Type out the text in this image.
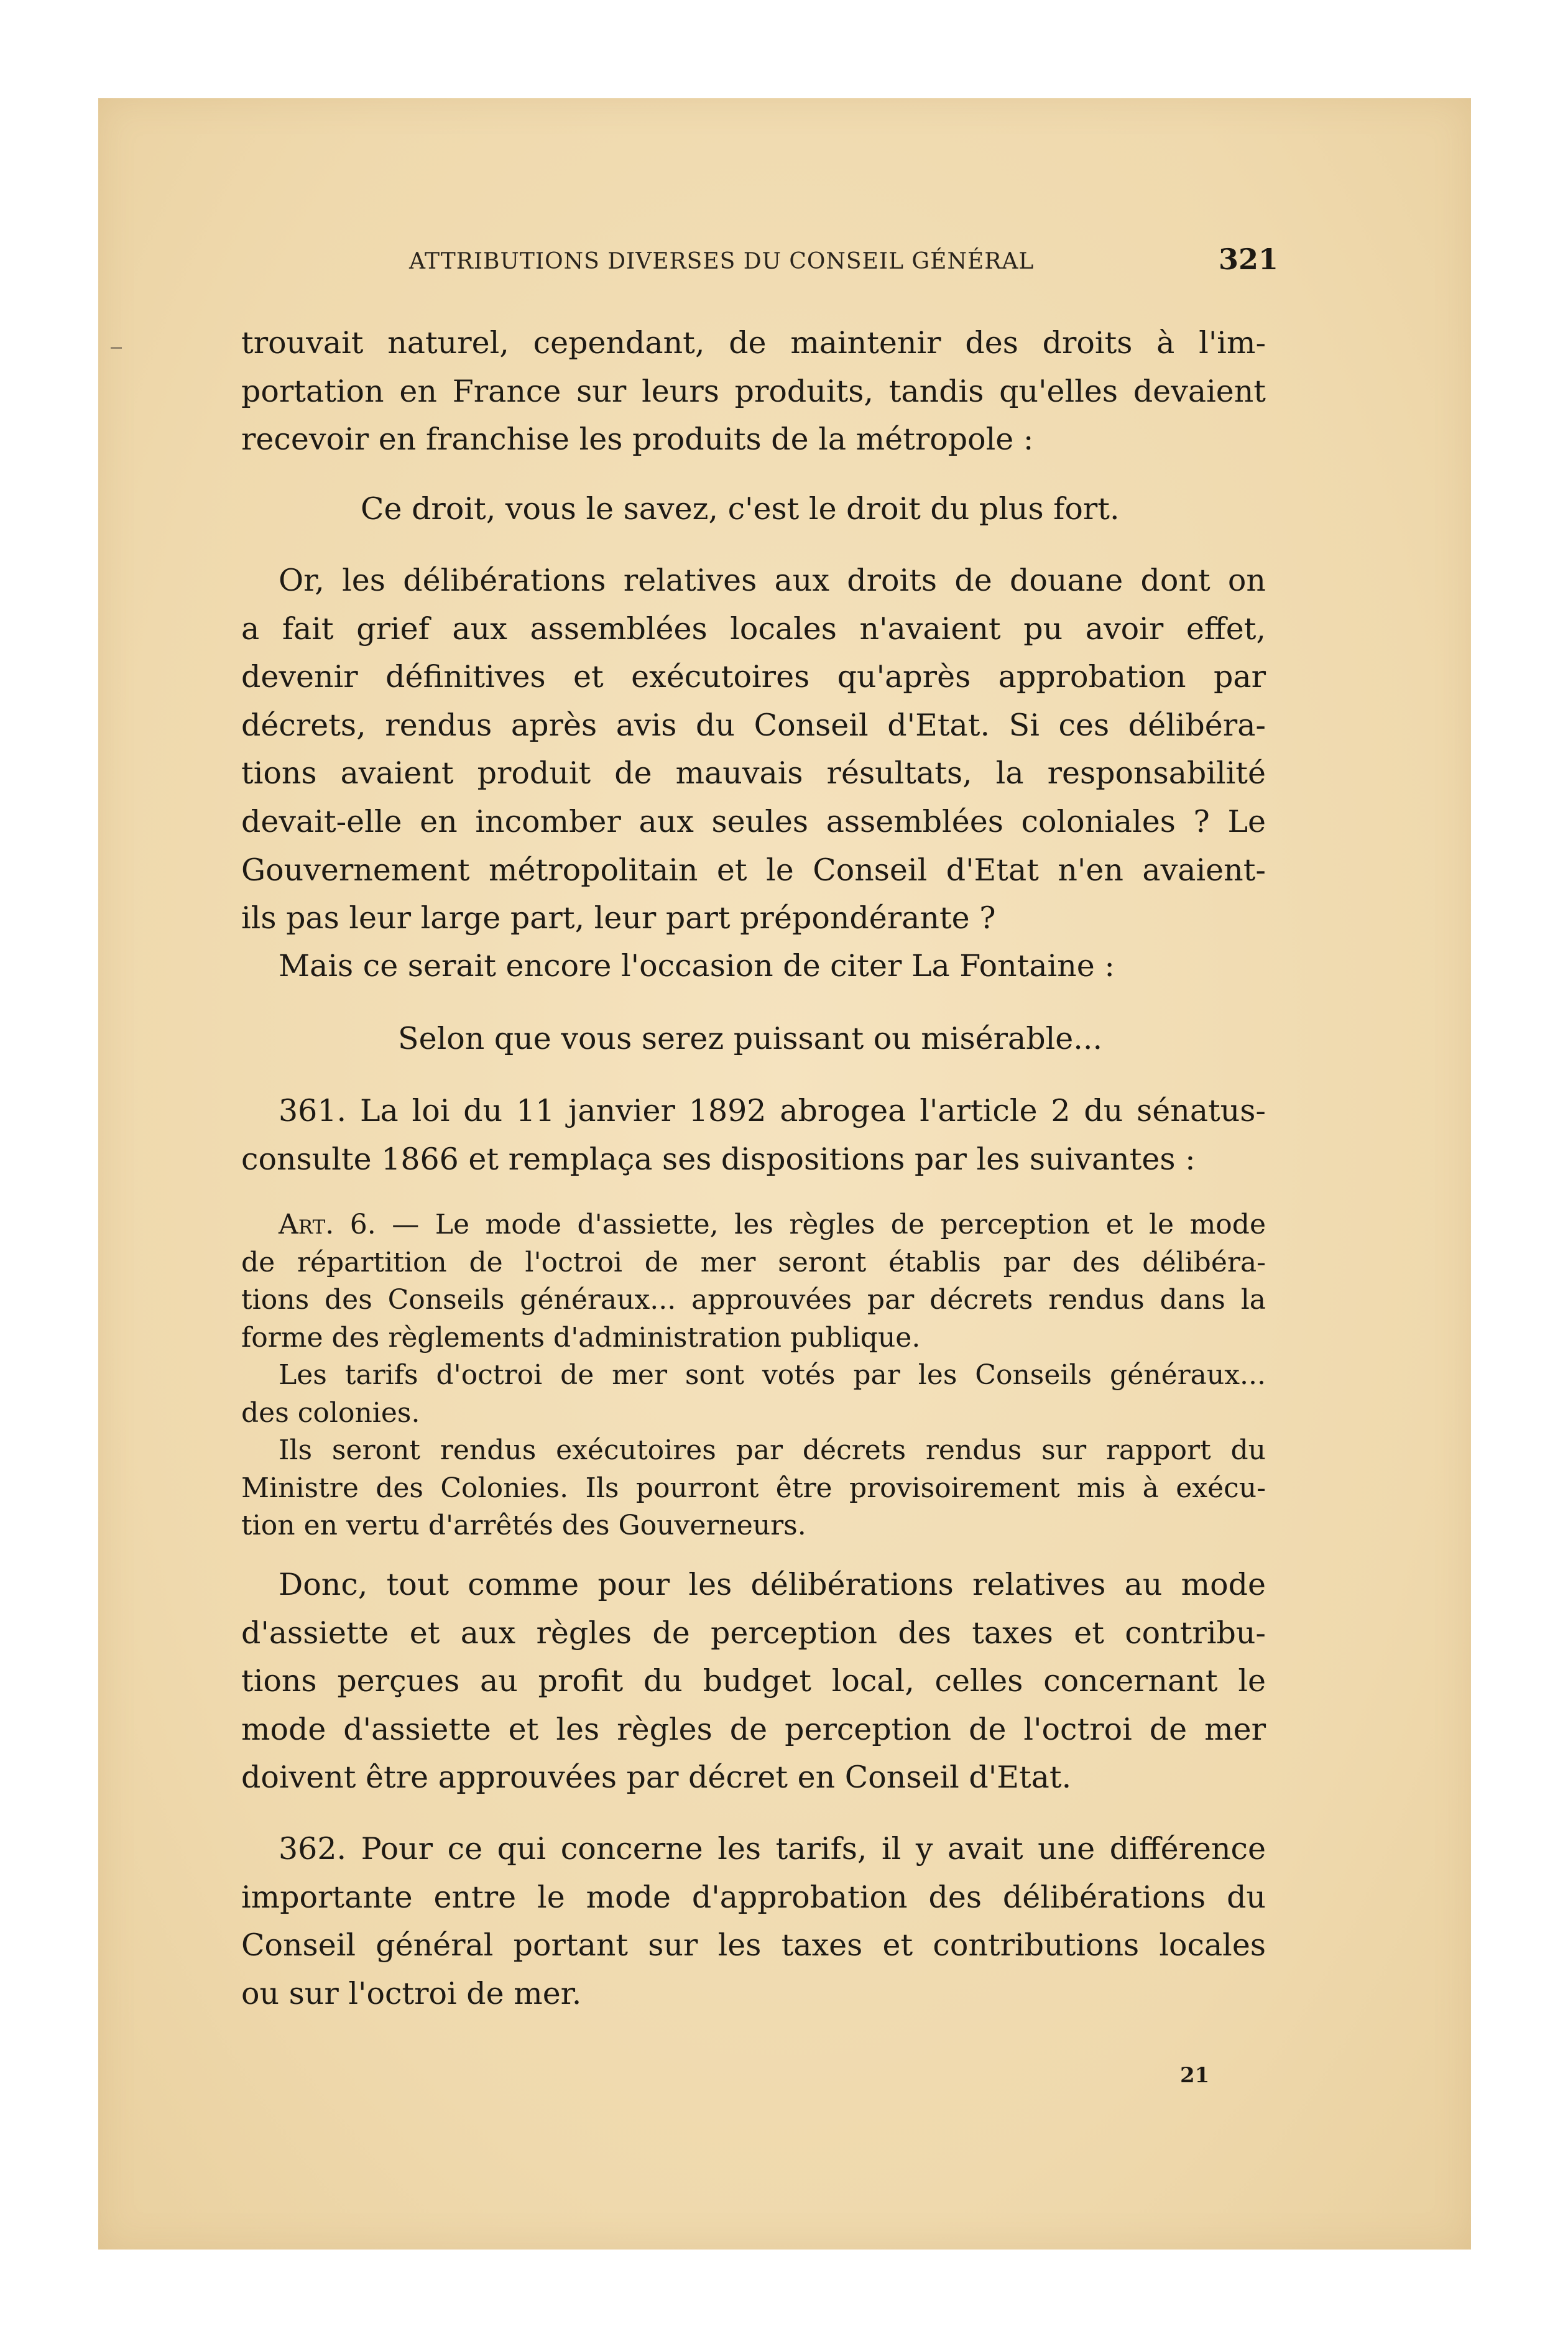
ATTRIBUTIONS DIVERSES DU CONSEIL GÉNÉRAL	321
trouvait naturel, cependant, de maintenir des droits à l'im-
portation en France sur leurs produits, tandis qu'elles devaient
recevoir en franchise les produits de la métropole :

Ce droit, vous le savez, c'est le droit du plus fort.

Or, les délibérations relatives aux droits de douane dont on
a fait grief aux assemblées locales n'avaient pu avoir effet,
devenir définitives et exécutoires qu'après approbation par
décrets, rendus après avis du Conseil d'Etat. Si ces délibéra-
tions avaient produit de mauvais résultats, la responsabilité
devait-elle en incomber aux seules assemblées coloniales ? Le
Gouvernement métropolitain et le Conseil d'Etat n'en avaient-
ils pas leur large part, leur part prépondérante ?
Mais ce serait encore l'occasion de citer La Fontaine :

Selon que vous serez puissant ou misérable...

361. La loi du 11 janvier 1892 abrogea l'article 2 du sénatus-
consulte 1866 et remplaça ses dispositions par les suivantes :
Art. 6. — Le mode d'assiette, les règles de perception et le mode
de répartition de l'octroi de mer seront établis par des délibéra-
tions des Conseils généraux... approuvées par décrets rendus dans la
forme des règlements d'administration publique.
Les tarifs d'octroi de mer sont votés par les Conseils généraux...
des colonies.
Ils seront rendus exécutoires par décrets rendus sur rapport du
Ministre des Colonies. Ils pourront être provisoirement mis à exécu-
tion en vertu d'arrêtés des Gouverneurs.
Donc, tout comme pour les délibérations relatives au mode
d'assiette et aux règles de perception des taxes et contribu-
tions perçues au profit du budget local, celles concernant le
mode d'assiette et les règles de perception de l'octroi de mer
doivent être approuvées par décret en Conseil d'Etat.
362. Pour ce qui concerne les tarifs, il y avait une différence
importante entre le mode d'approbation des délibérations du
Conseil général portant sur les taxes et contributions locales
ou sur l'octroi de mer.
21
